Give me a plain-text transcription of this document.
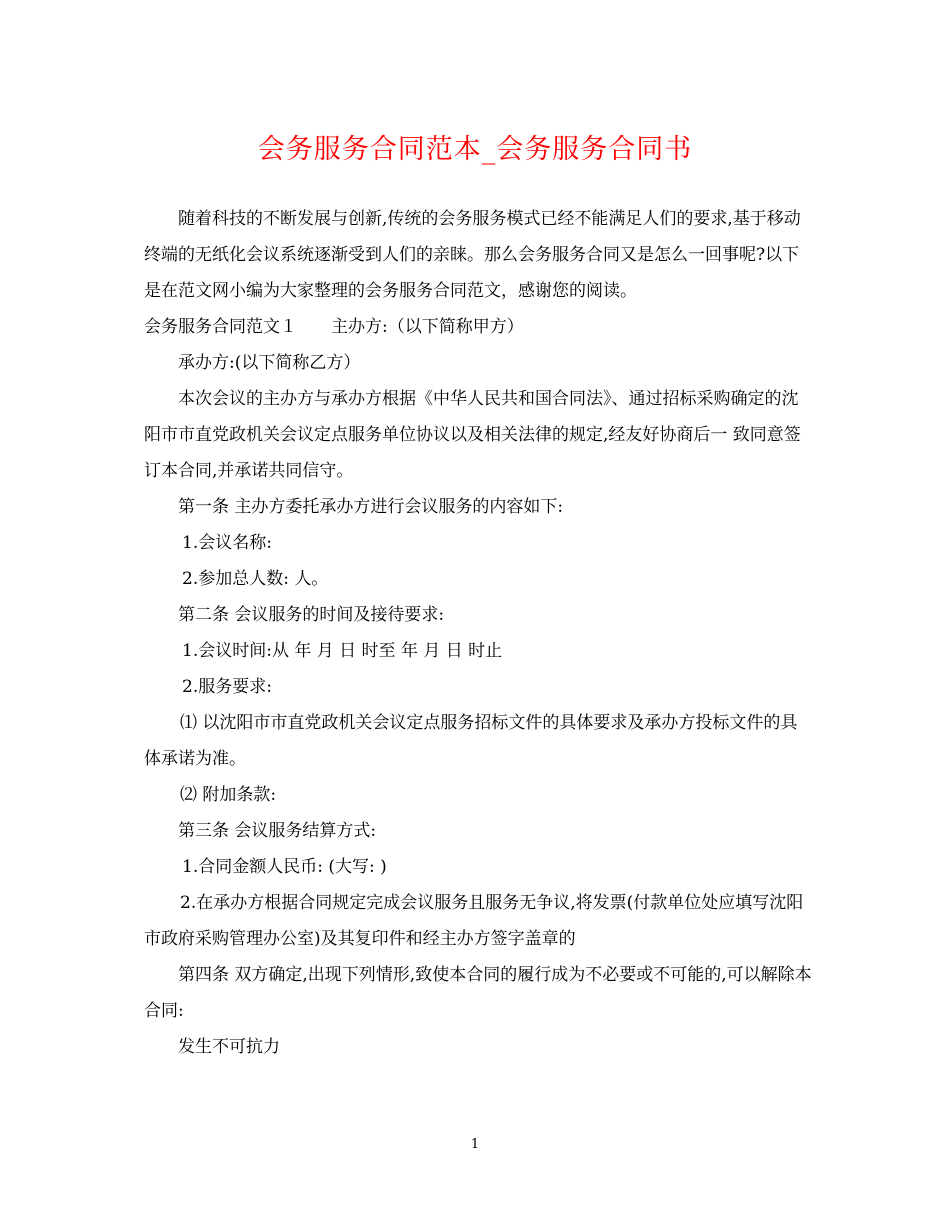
会务服务合同范本_会务服务合同书

随着科技的不断发展与创新,传统的会务服务模式已经不能满足人们的要求,基于移动终端的无纸化会议系统逐渐受到人们的亲睐。那么会务服务合同又是怎么一回事呢?以下是在范文网小编为大家整理的会务服务合同范文，感谢您的阅读。

会务服务合同范文１　　主办方:（以下简称甲方）

承办方:(以下简称乙方）

本次会议的主办方与承办方根据《中华人民共和国合同法》、通过招标采购确定的沈阳市市直党政机关会议定点服务单位协议以及相关法律的规定,经友好协商后一 致同意签订本合同,并承诺共同信守。

第一条 主办方委托承办方进行会议服务的内容如下:

1.会议名称:

2.参加总人数: 人。

第二条 会议服务的时间及接待要求:

1.会议时间:从 年 月 日 时至 年 月 日 时止

2.服务要求:

⑴ 以沈阳市市直党政机关会议定点服务招标文件的具体要求及承办方投标文件的具体承诺为准。

⑵ 附加条款:

第三条 会议服务结算方式:

1.合同金额人民币: (大写: )

2.在承办方根据合同规定完成会议服务且服务无争议,将发票(付款单位处应填写沈阳市政府采购管理办公室)及其复印件和经主办方签字盖章的

第四条 双方确定,出现下列情形,致使本合同的履行成为不必要或不可能的,可以解除本合同:

发生不可抗力

1
